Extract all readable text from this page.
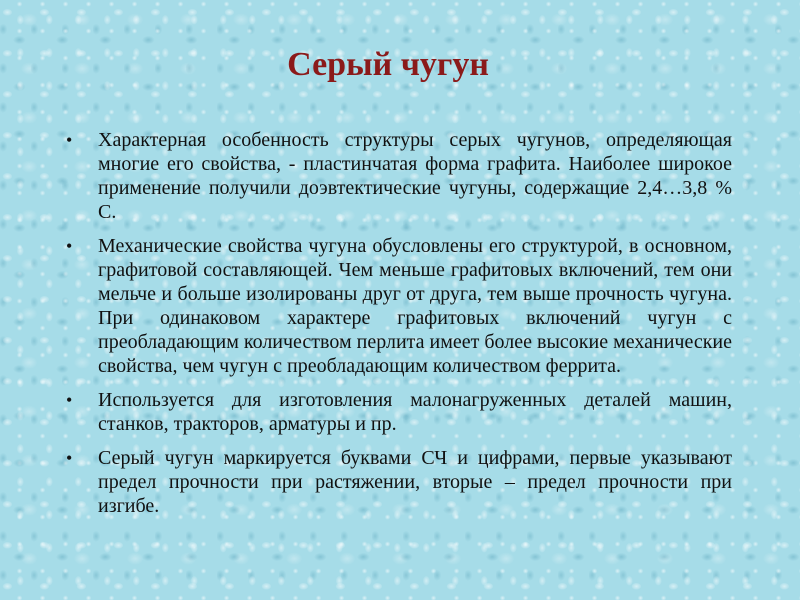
Серый чугун
• Характерная особенность структуры серых чугунов, определяющая многие его свойства, - пластинчатая форма графита. Наиболее широкое применение получили доэвтектические чугуны, содержащие 2,4…3,8 % С.
• Механические свойства чугуна обусловлены его структурой, в основном, графитовой составляющей. Чем меньше графитовых включений, тем они мельче и больше изолированы друг от друга, тем выше прочность чугуна. При одинаковом характере графитовых включений чугун с преобладающим количеством перлита имеет более высокие механические свойства, чем чугун с преобладающим количеством феррита.
• Используется для изготовления малонагруженных деталей машин, станков, тракторов, арматуры и пр.
• Серый чугун маркируется буквами СЧ и цифрами, первые указывают предел прочности при растяжении, вторые – предел прочности при изгибе.
